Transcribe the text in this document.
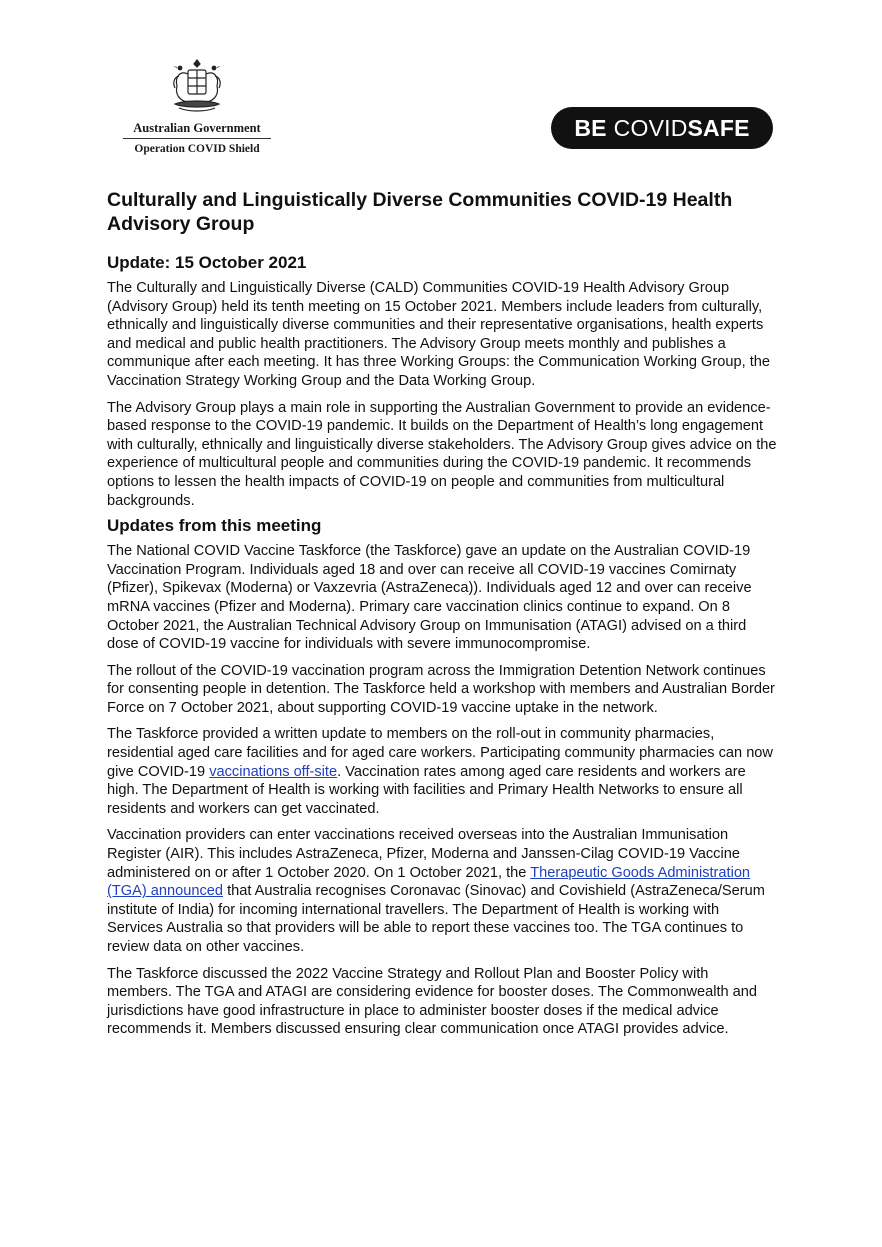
Australian Government
Operation COVID Shield
BE COVID SAFE
Culturally and Linguistically Diverse Communities COVID-19 Health Advisory Group
Update: 15 October 2021

The Culturally and Linguistically Diverse (CALD) Communities COVID-19 Health Advisory Group (Advisory Group) held its tenth meeting on 15 October 2021. Members include leaders from culturally, ethnically and linguistically diverse communities and their representative organisations, health experts and medical and public health practitioners. The Advisory Group meets monthly and publishes a communique after each meeting. It has three Working Groups: the Communication Working Group, the Vaccination Strategy Working Group and the Data Working Group.

The Advisory Group plays a main role in supporting the Australian Government to provide an evidence-based response to the COVID-19 pandemic. It builds on the Department of Health’s long engagement with culturally, ethnically and linguistically diverse stakeholders. The Advisory Group gives advice on the experience of multicultural people and communities during the COVID-19 pandemic. It recommends options to lessen the health impacts of COVID-19 on people and communities from multicultural backgrounds.

Updates from this meeting

The National COVID Vaccine Taskforce (the Taskforce) gave an update on the Australian COVID-19 Vaccination Program. Individuals aged 18 and over can receive all COVID-19 vaccines Comirnaty (Pfizer), Spikevax (Moderna) or Vaxzevria (AstraZeneca)). Individuals aged 12 and over can receive mRNA vaccines (Pfizer and Moderna). Primary care vaccination clinics continue to expand. On 8 October 2021, the Australian Technical Advisory Group on Immunisation (ATAGI) advised on a third dose of COVID-19 vaccine for individuals with severe immunocompromise.

The rollout of the COVID-19 vaccination program across the Immigration Detention Network continues for consenting people in detention. The Taskforce held a workshop with members and Australian Border Force on 7 October 2021, about supporting COVID-19 vaccine uptake in the network.

The Taskforce provided a written update to members on the roll-out in community pharmacies, residential aged care facilities and for aged care workers. Participating community pharmacies can now give COVID-19 vaccinations off-site. Vaccination rates among aged care residents and workers are high. The Department of Health is working with facilities and Primary Health Networks to ensure all residents and workers can get vaccinated.

Vaccination providers can enter vaccinations received overseas into the Australian Immunisation Register (AIR). This includes AstraZeneca, Pfizer, Moderna and Janssen-Cilag COVID-19 Vaccine administered on or after 1 October 2020. On 1 October 2021, the Therapeutic Goods Administration (TGA) announced that Australia recognises Coronavac (Sinovac) and Covishield (AstraZeneca/Serum institute of India) for incoming international travellers. The Department of Health is working with Services Australia so that providers will be able to report these vaccines too. The TGA continues to review data on other vaccines.

The Taskforce discussed the 2022 Vaccine Strategy and Rollout Plan and Booster Policy with members. The TGA and ATAGI are considering evidence for booster doses. The Commonwealth and jurisdictions have good infrastructure in place to administer booster doses if the medical advice recommends it. Members discussed ensuring clear communication once ATAGI provides advice.
